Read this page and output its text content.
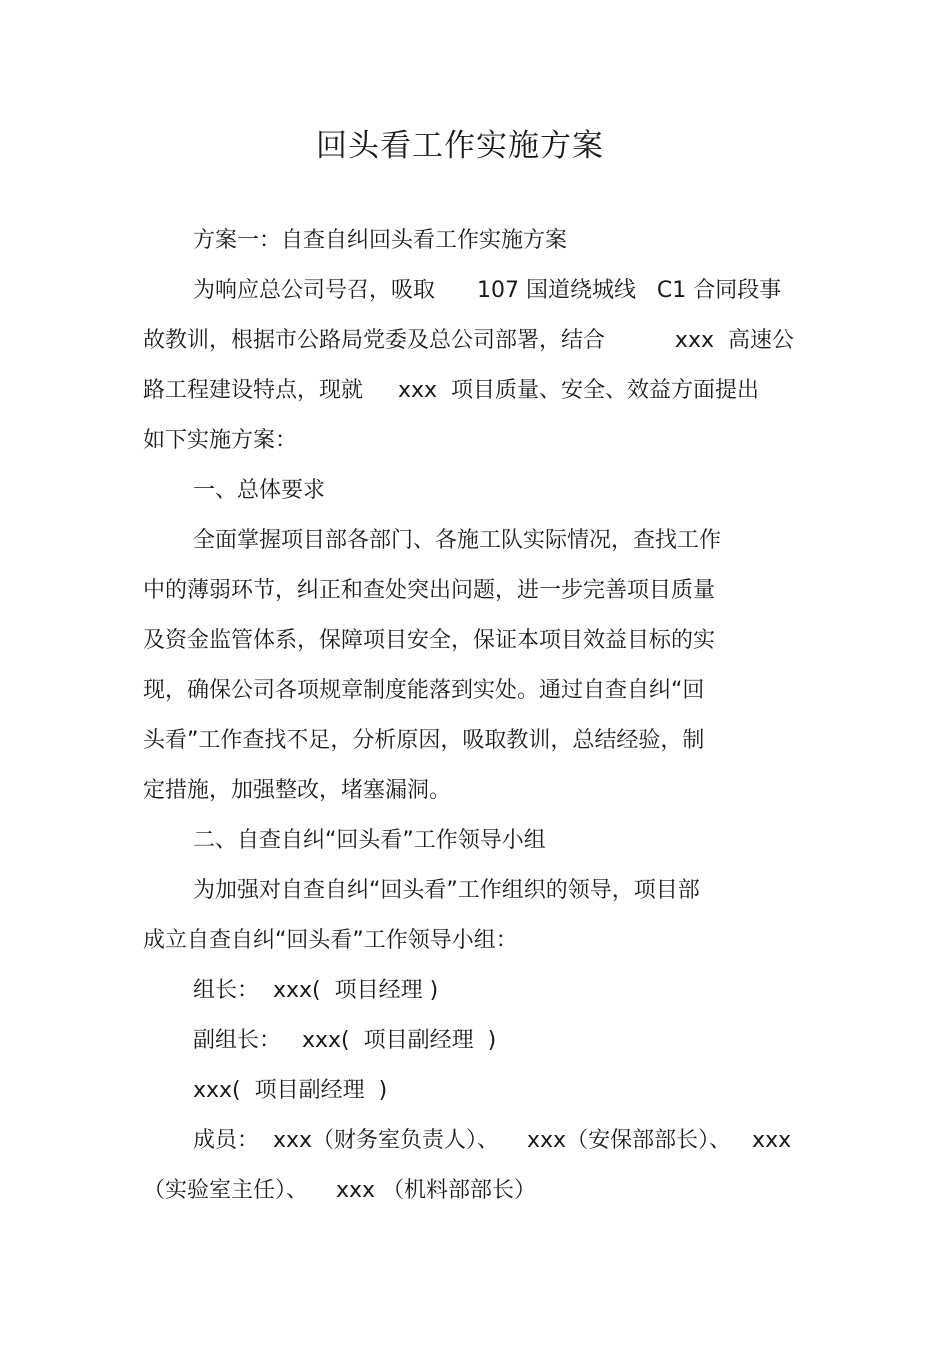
回头看工作实施方案

方案一：自查自纠回头看工作实施方案

为响应总公司号召，吸取      107 国道绕城线   C1 合同段事

故教训，根据市公路局党委及总公司部署，结合          xxx  高速公

路工程建设特点，现就     xxx  项目质量、安全、效益方面提出

如下实施方案：

一、总体要求

全面掌握项目部各部门、各施工队实际情况，查找工作

中的薄弱环节，纠正和查处突出问题，进一步完善项目质量

及资金监管体系，保障项目安全，保证本项目效益目标的实

现，确保公司各项规章制度能落到实处。通过自查自纠“回

头看”工作查找不足，分析原因，吸取教训，总结经验，制

定措施，加强整改，堵塞漏洞。

二、自查自纠“回头看”工作领导小组

为加强对自查自纠“回头看”工作组织的领导，项目部

成立自查自纠“回头看”工作领导小组：

组长：  xxx(  项目经理 )

副组长：   xxx(  项目副经理  )

xxx(  项目副经理  )

成员：  xxx（财务室负责人）、    xxx（安保部部长）、   xxx

（实验室主任）、    xxx （机料部部长）
